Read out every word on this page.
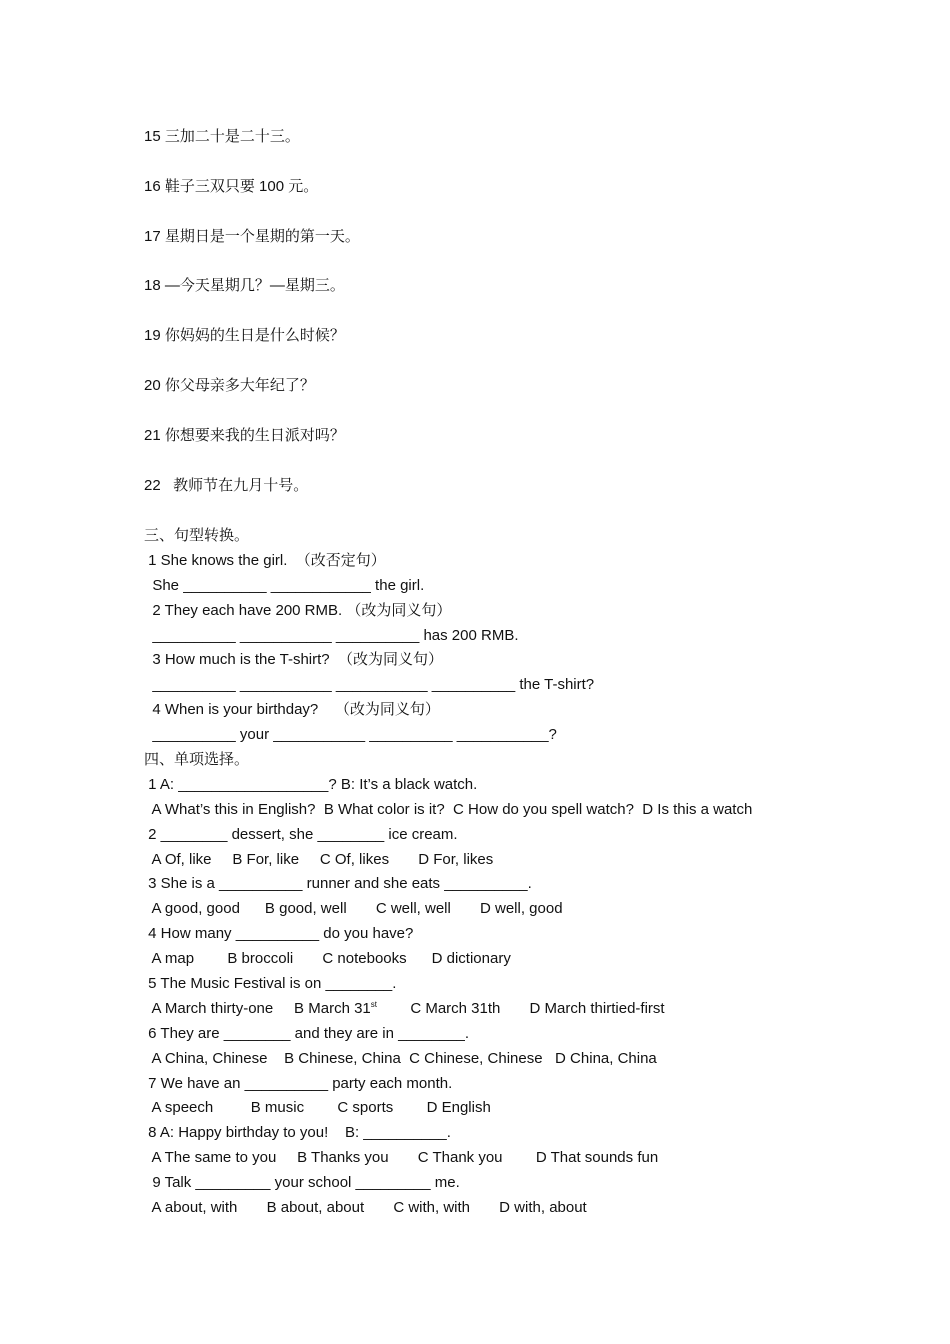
15 三加二十是二十三。
16 鞋子三双只要 100 元。
17 星期日是一个星期的第一天。
18 —今天星期几？—星期三。
19 你妈妈的生日是什么时候？
20 你父母亲多大年纪了？
21 你想要来我的生日派对吗？
22   教师节在九月十号。
三、句型转换。
1 She knows the girl.  （改否定句）
She __________ ____________ the girl.
2 They each have 200 RMB. （改为同义句）
__________ ___________ __________ has 200 RMB.
3 How much is the T-shirt?  （改为同义句）
__________ ___________ ___________ __________ the T-shirt?
4 When is your birthday?    （改为同义句）
__________ your ___________ __________ ___________?
四、单项选择。
1 A: __________________? B: It’s a black watch.
A What’s this in English?  B What color is it?  C How do you spell watch?  D Is this a watch
2 ________ dessert, she ________ ice cream.
A Of, like     B For, like     C Of, likes       D For, likes
3 She is a __________ runner and she eats __________.
A good, good      B good, well       C well, well       D well, good
4 How many __________ do you have?
A map        B broccoli       C notebooks      D dictionary
5 The Music Festival is on ________.
A March thirty-one     B March 31st        C March 31th       D March thirtied-first
6 They are ________ and they are in ________.
A China, Chinese    B Chinese, China  C Chinese, Chinese   D China, China
7 We have an __________ party each month.
A speech         B music        C sports        D English
8 A: Happy birthday to you!    B: __________.
A The same to you     B Thanks you       C Thank you        D That sounds fun
9 Talk _________ your school _________ me.
A about, with       B about, about       C with, with       D with, about
